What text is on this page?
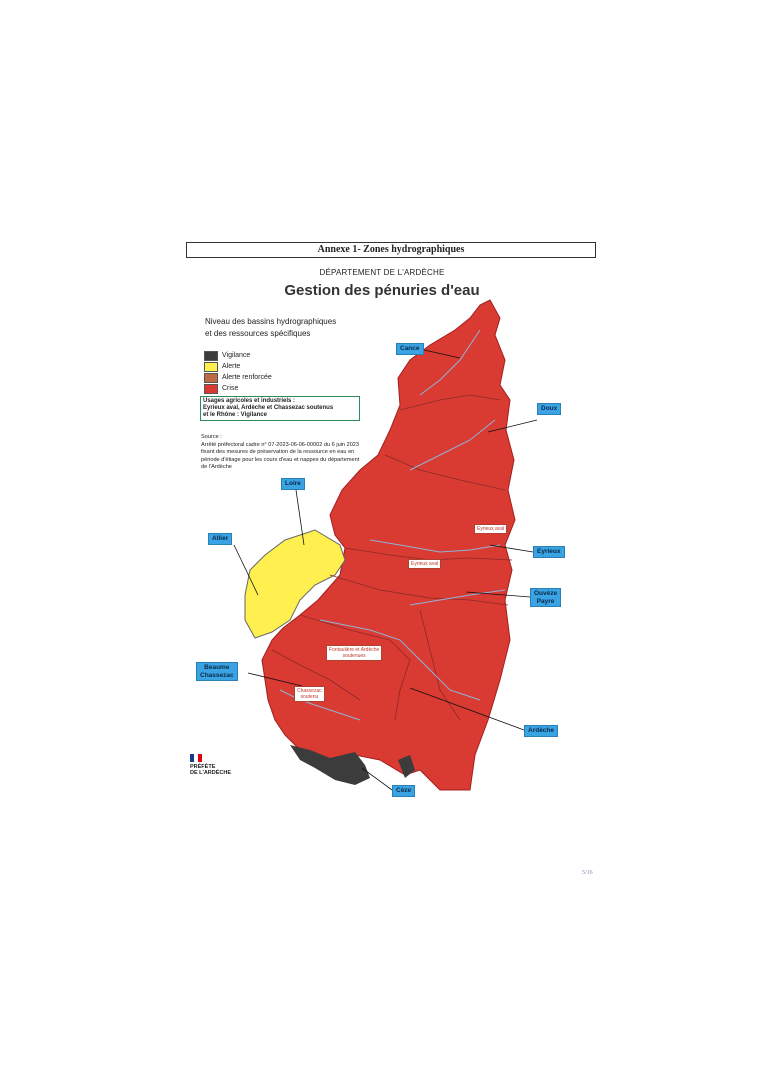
Annexe 1- Zones hydrographiques
DÉPARTEMENT DE L'ARDÈCHE
Gestion des pénuries d'eau
Niveau des bassins hydrographiques
et des ressources spécifiques
Vigilance
Alerte
Alerte renforcée
Crise
Usages agricoles et industriels :
Eyrieux aval, Ardèche et Chassezac soutenus
et le Rhône : Vigilance
Source :
Arrêté préfectoral cadre n° 07-2023-06-06-00002 du 6 juin 2023 fixant des mesures de préservation de la ressource en eau en période d'étiage pour les cours d'eau et nappes du département de l'Ardèche
Cance
Doux
Loire
Allier
Eyrieux
Ouvèze
Payre
Beaume
Chassezac
Ardèche
Cèze
Eyrieux aval
Eyrieux aval
Fontaulière et Ardèche
soutenues
Chassezac
soutenu
PRÉFÈTE
DE L'ARDÈCHE
5/16
